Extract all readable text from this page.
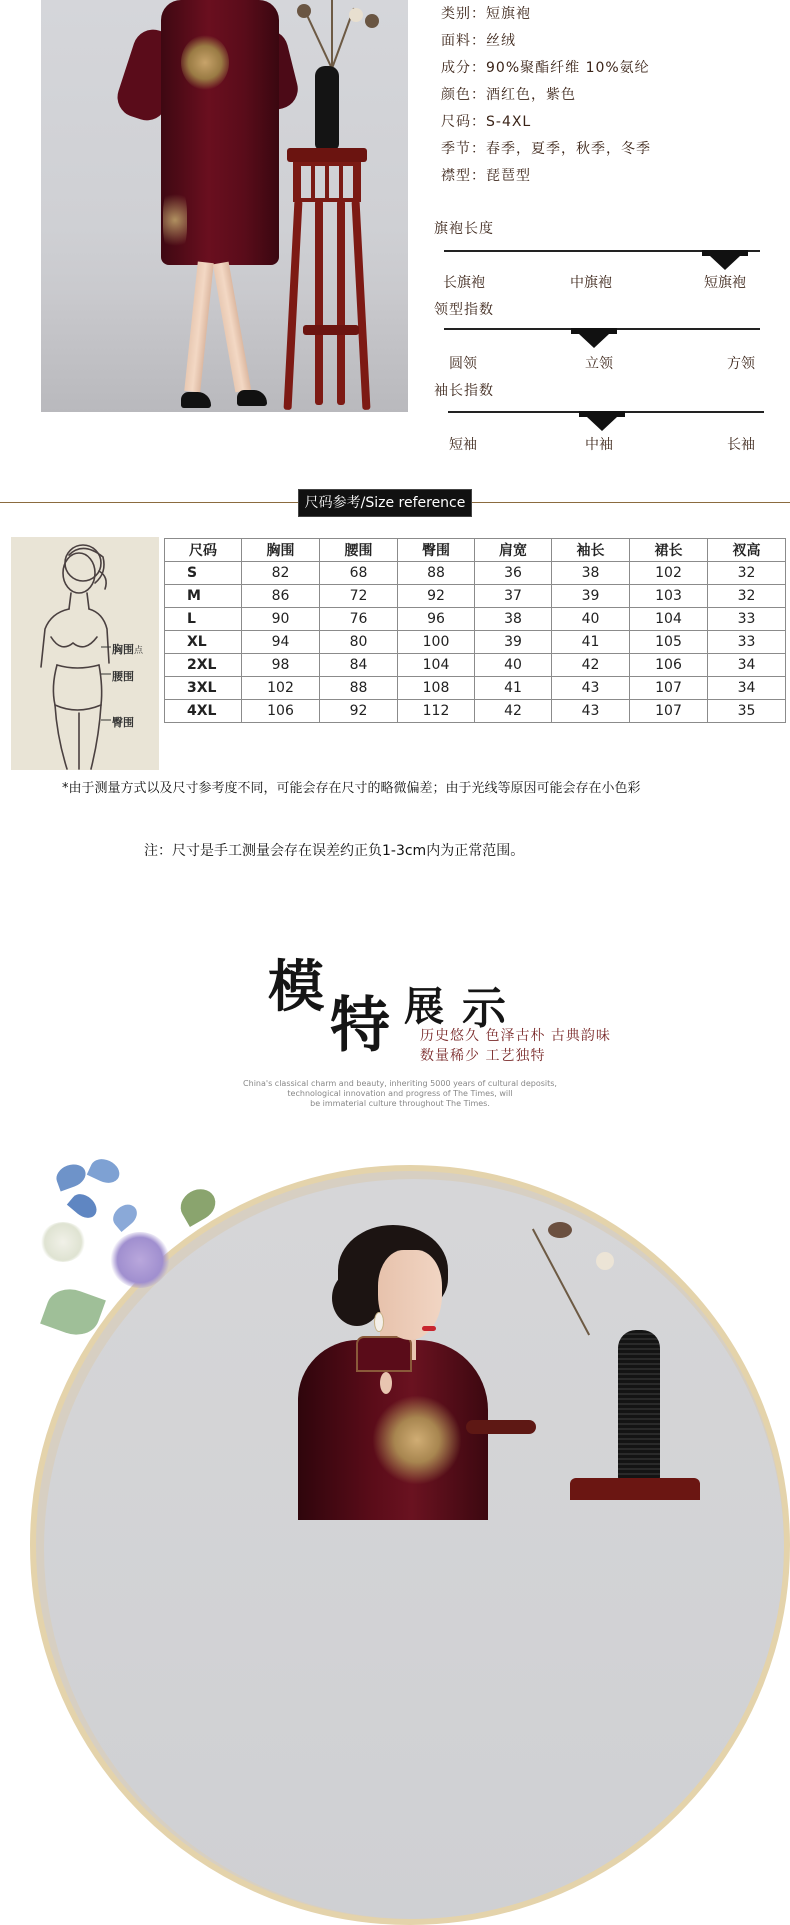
类别：短旗袍
面料：丝绒
成分：90%聚酯纤维 10%氨纶
颜色：酒红色，紫色
尺码：S-4XL
季节：春季，夏季，秋季，冬季
襟型：琵琶型
旗袍长度
长旗袍	中旗袍	短旗袍
领型指数
圆领	立领	方领
袖长指数
短袖	中袖	长袖
尺码参考/Size reference
胸围点
腰围
臀围
尺码	胸围	腰围	臀围	肩宽	袖长	裙长	衩高
S	82	68	88	36	38	102	32
M	86	72	92	37	39	103	32
L	90	76	96	38	40	104	33
XL	94	80	100	39	41	105	33
2XL	98	84	104	40	42	106	34
3XL	102	88	108	41	43	107	34
4XL	106	92	112	42	43	107	35
*由于测量方式以及尺寸参考度不同，可能会存在尺寸的略微偏差；由于光线等原因可能会存在小色彩
注：尺寸是手工测量会存在误差约正负1-3cm内为正常范围。
模
特 展 示
历史悠久 色泽古朴 古典韵味
数量稀少 工艺独特
China's classical charm and beauty, inheriting 5000 years of cultural deposits,
technological innovation and progress of The Times, will
be immaterial culture throughout The Times.
